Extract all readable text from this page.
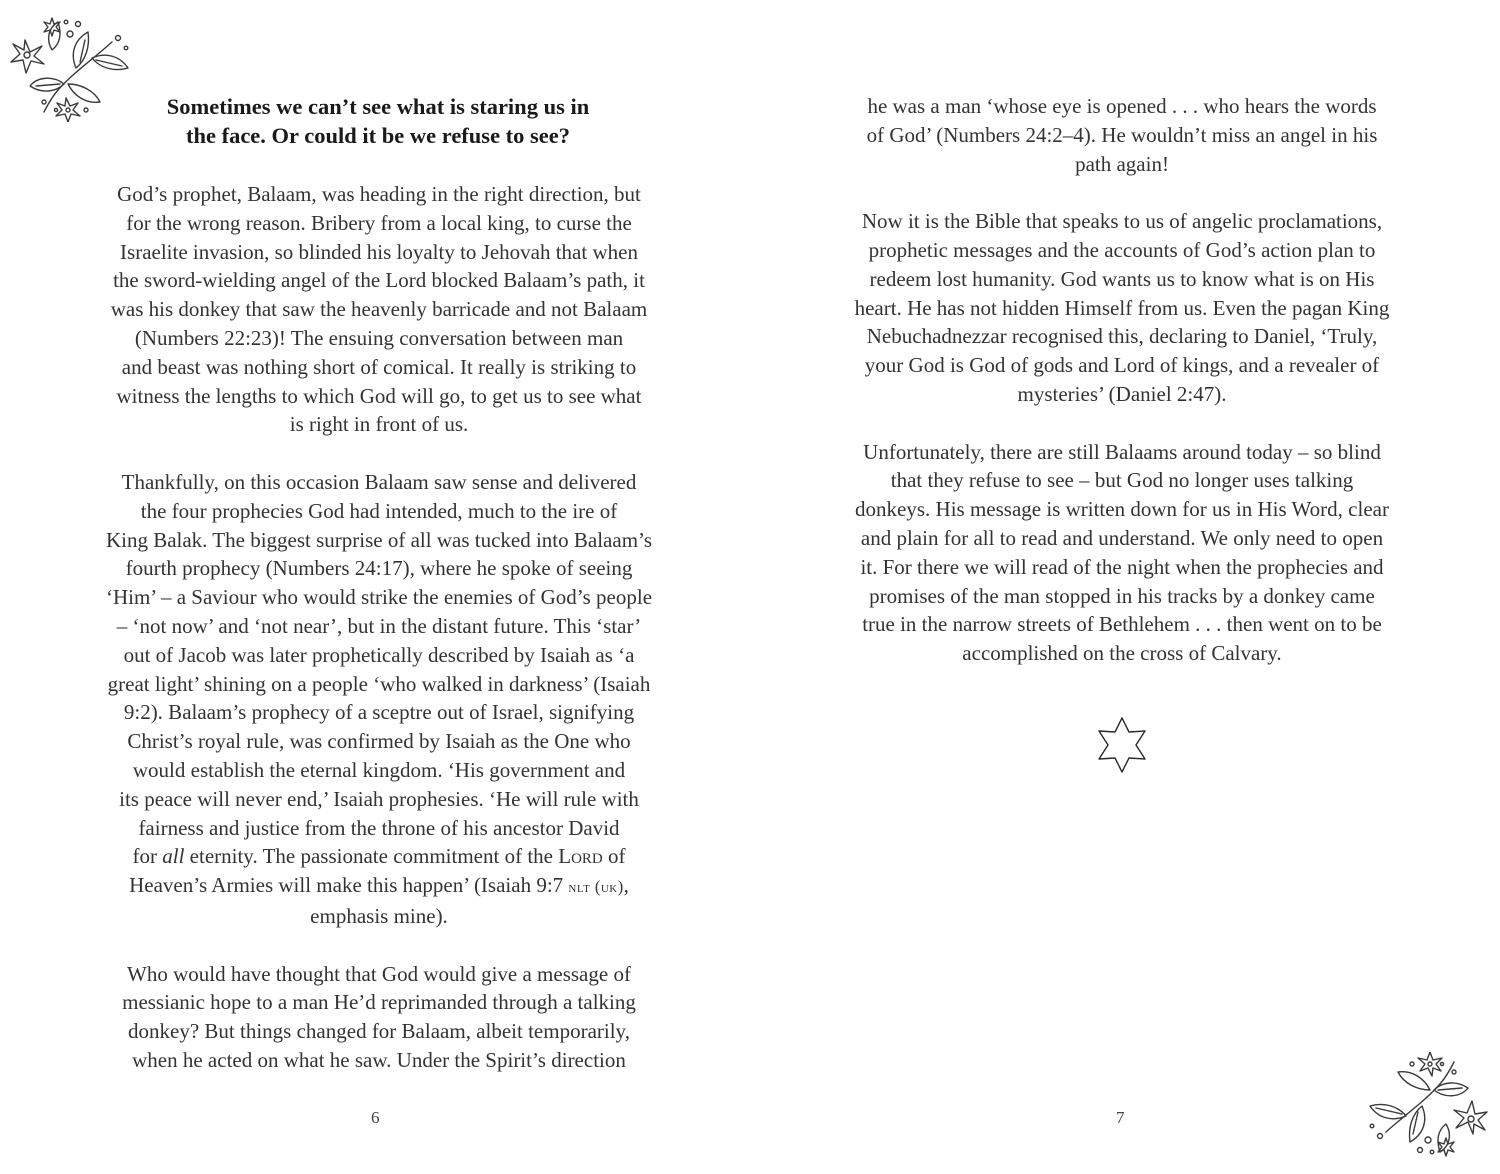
Sometimes we can’t see what is staring us in
the face. Or could it be we refuse to see?

God’s prophet, Balaam, was heading in the right direction, but
for the wrong reason. Bribery from a local king, to curse the
Israelite invasion, so blinded his loyalty to Jehovah that when
the sword-wielding angel of the Lord blocked Balaam’s path, it
was his donkey that saw the heavenly barricade and not Balaam
(Numbers 22:23)! The ensuing conversation between man
and beast was nothing short of comical. It really is striking to
witness the lengths to which God will go, to get us to see what
is right in front of us.

Thankfully, on this occasion Balaam saw sense and delivered
the four prophecies God had intended, much to the ire of
King Balak. The biggest surprise of all was tucked into Balaam’s
fourth prophecy (Numbers 24:17), where he spoke of seeing
‘Him’ – a Saviour who would strike the enemies of God’s people
– ‘not now’ and ‘not near’, but in the distant future. This ‘star’
out of Jacob was later prophetically described by Isaiah as ‘a
great light’ shining on a people ‘who walked in darkness’ (Isaiah
9:2). Balaam’s prophecy of a sceptre out of Israel, signifying
Christ’s royal rule, was confirmed by Isaiah as the One who
would establish the eternal kingdom. ‘His government and
its peace will never end,’ Isaiah prophesies. ‘He will rule with
fairness and justice from the throne of his ancestor David
for all eternity. The passionate commitment of the Lord of
Heaven’s Armies will make this happen’ (Isaiah 9:7 nlt (uk),
emphasis mine).

Who would have thought that God would give a message of
messianic hope to a man He’d reprimanded through a talking
donkey? But things changed for Balaam, albeit temporarily,
when he acted on what he saw. Under the Spirit’s direction

6

he was a man ‘whose eye is opened . . . who hears the words
of God’ (Numbers 24:2–4). He wouldn’t miss an angel in his
path again!

Now it is the Bible that speaks to us of angelic proclamations,
prophetic messages and the accounts of God’s action plan to
redeem lost humanity. God wants us to know what is on His
heart. He has not hidden Himself from us. Even the pagan King
Nebuchadnezzar recognised this, declaring to Daniel, ‘Truly,
your God is God of gods and Lord of kings, and a revealer of
mysteries’ (Daniel 2:47).

Unfortunately, there are still Balaams around today – so blind
that they refuse to see – but God no longer uses talking
donkeys. His message is written down for us in His Word, clear
and plain for all to read and understand. We only need to open
it. For there we will read of the night when the prophecies and
promises of the man stopped in his tracks by a donkey came
true in the narrow streets of Bethlehem . . . then went on to be
accomplished on the cross of Calvary.

7
